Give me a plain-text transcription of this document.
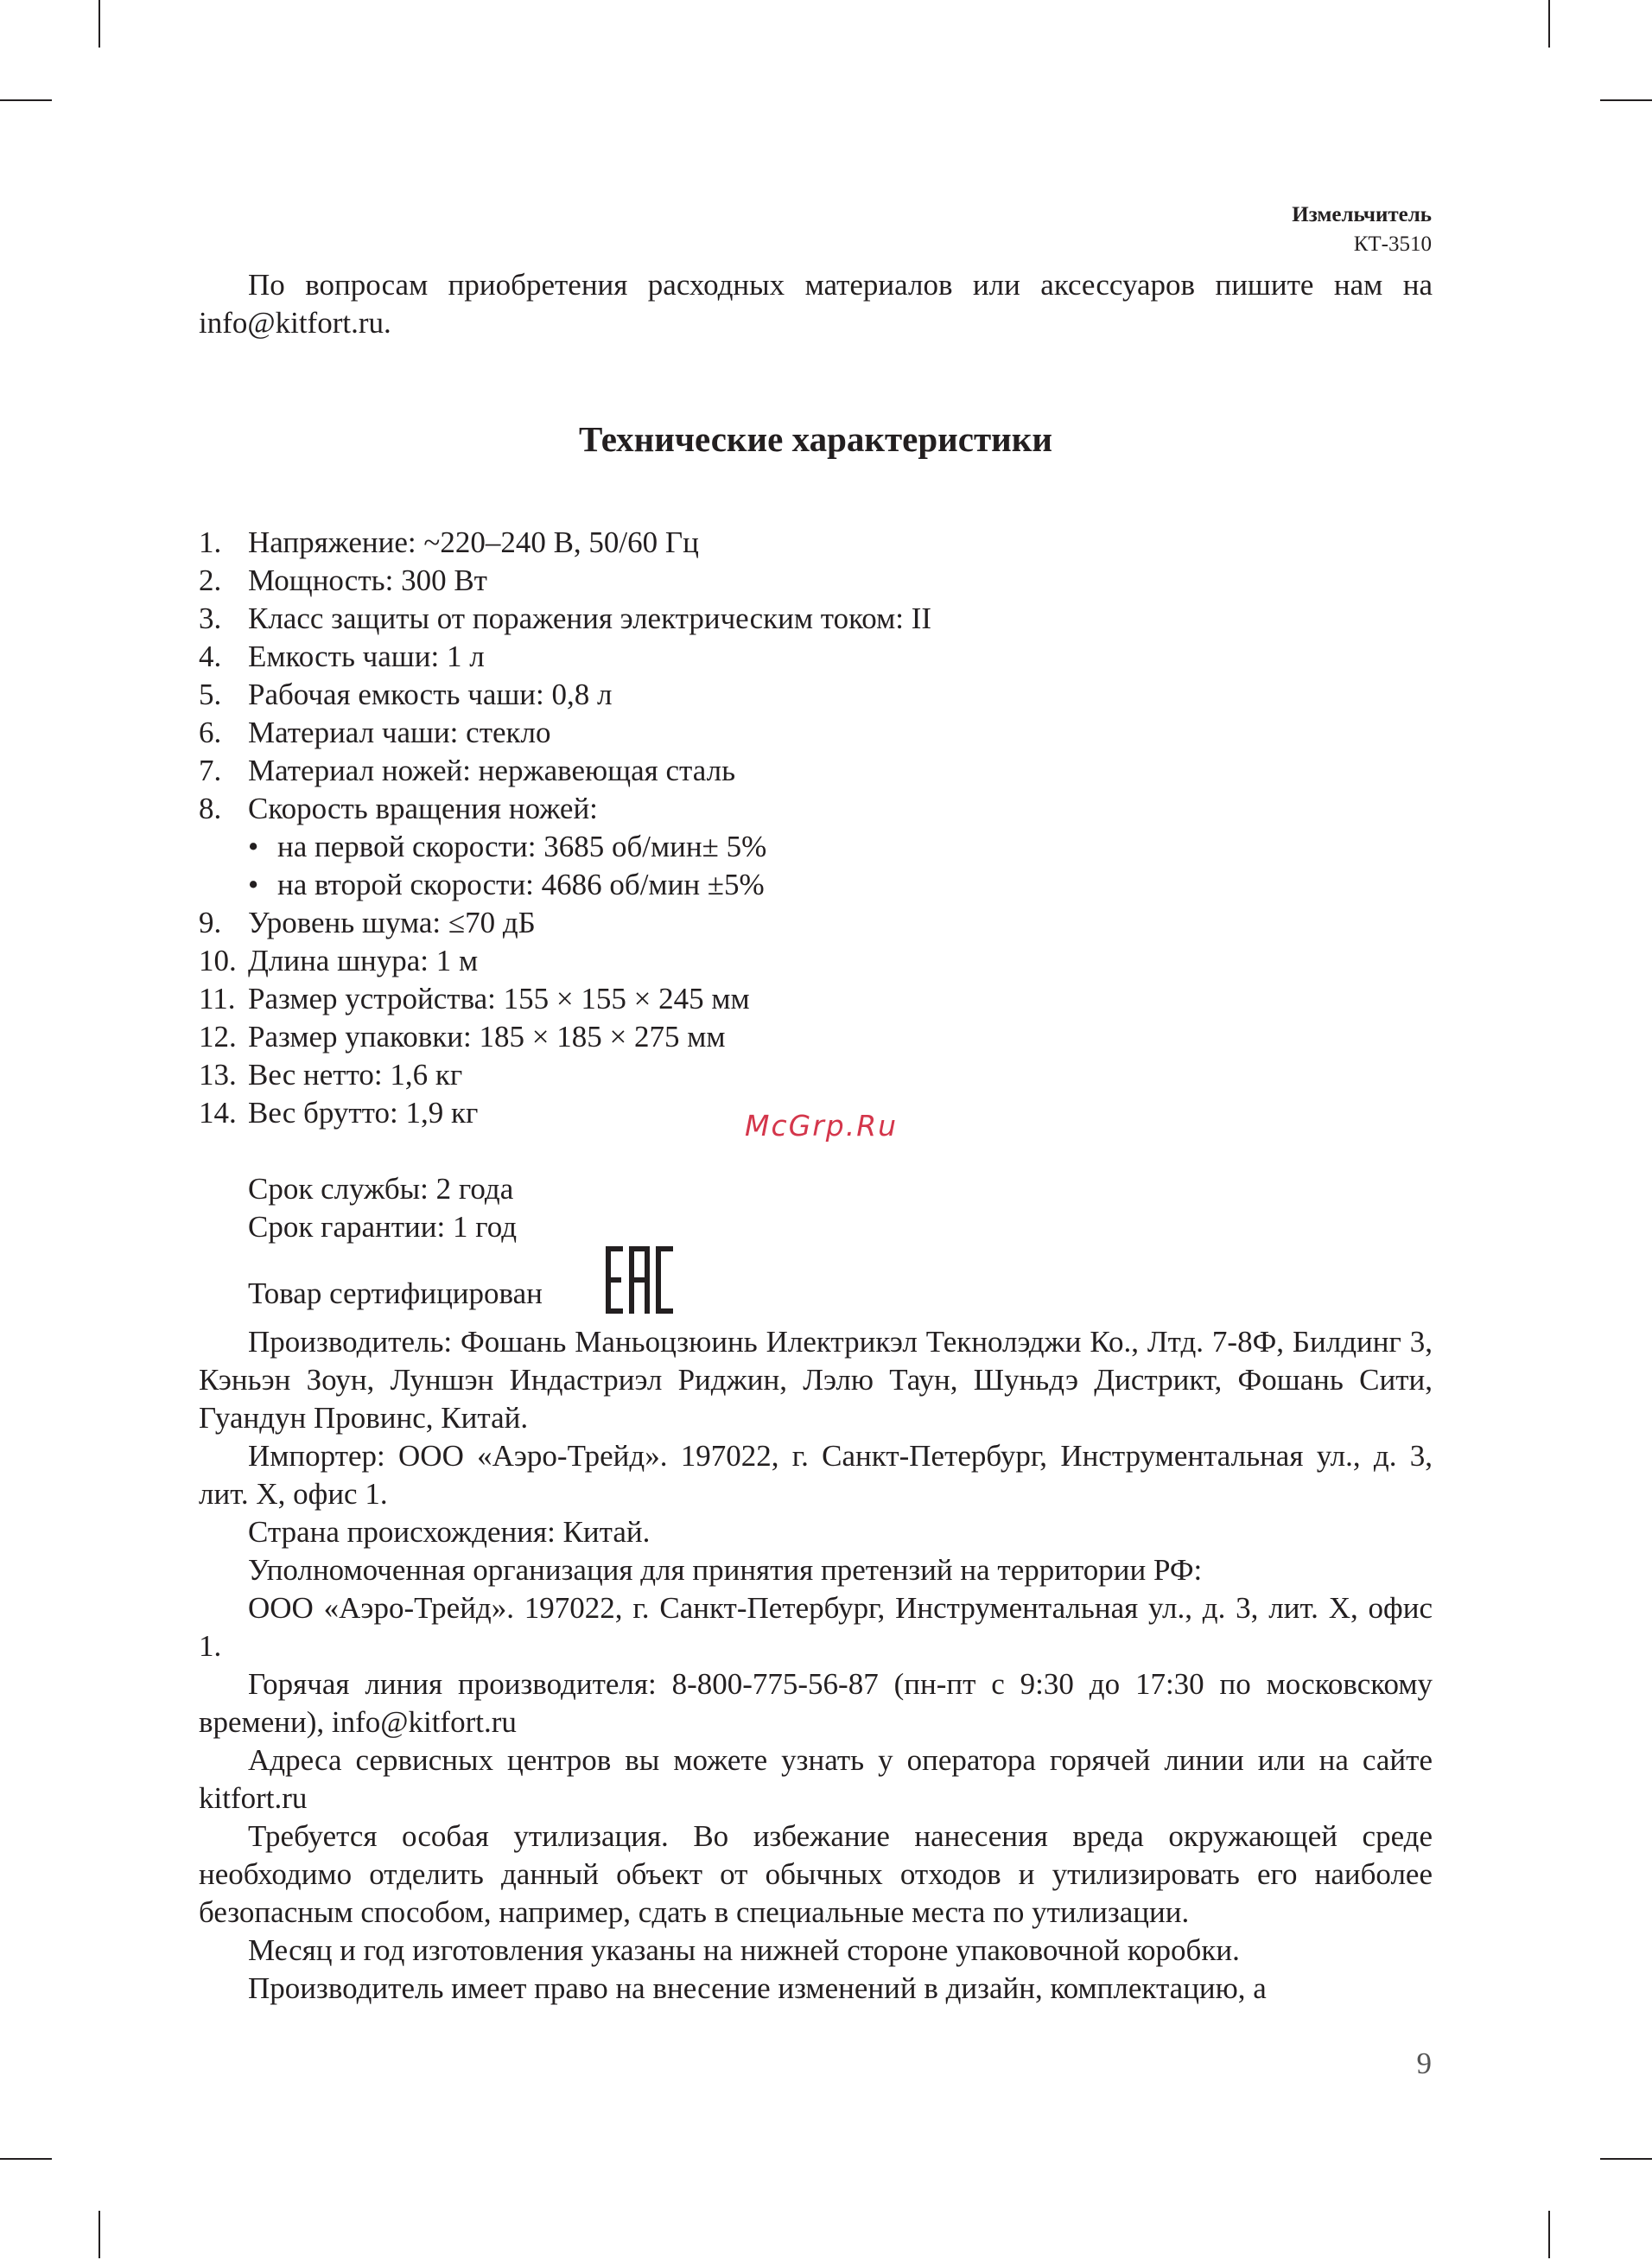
Измельчитель
КТ-3510

По вопросам приобретения расходных материалов или аксессуаров пишите нам на info@kitfort.ru.

Технические характеристики
1. Напряжение: ~220–240 В, 50/60 Гц
2. Мощность: 300 Вт
3. Класс защиты от поражения электрическим током: II
4. Емкость чаши: 1 л
5. Рабочая емкость чаши: 0,8 л
6. Материал чаши: стекло
7. Материал ножей: нержавеющая сталь
8. Скорость вращения ножей:
• на первой скорости: 3685 об/мин± 5%
• на второй скорости: 4686 об/мин ±5%
9. Уровень шума: ≤70 дБ
10. Длина шнура: 1 м
11. Размер устройства: 155 × 155 × 245 мм
12. Размер упаковки: 185 × 185 × 275 мм
13. Вес нетто: 1,6 кг
14. Вес брутто: 1,9 кг

Срок службы: 2 года

Срок гарантии: 1 год

Товар сертифицирован

Производитель: Фошань Маньоцзюинь Илектрикэл Текнолэджи Ко., Лтд. 7-8Ф, Билдинг 3, Кэньэн Зоун, Луншэн Индастриэл Риджин, Лэлю Таун, Шуньдэ Дистрикт, Фошань Сити, Гуандун Провинс, Китай.

Импортер: ООО «Аэро-Трейд». 197022, г. Санкт-Петербург, Инструментальная ул., д. 3, лит. Х, офис 1.

Страна происхождения: Китай.

Уполномоченная организация для принятия претензий на территории РФ:

ООО «Аэро-Трейд». 197022, г. Санкт-Петербург, Инструментальная ул., д. 3, лит. Х, офис 1.

Горячая линия производителя: 8-800-775-56-87 (пн-пт с 9:30 до 17:30 по московскому времени), info@kitfort.ru

Адреса сервисных центров вы можете узнать у оператора горячей линии или на сайте kitfort.ru

Требуется особая утилизация. Во избежание нанесения вреда окружающей среде необходимо отделить данный объект от обычных отходов и утилизировать его наиболее безопасным способом, например, сдать в специальные места по утилизации.

Месяц и год изготовления указаны на нижней стороне упаковочной коробки.

Производитель имеет право на внесение изменений в дизайн, комплектацию, а

McGrp.Ru
9
